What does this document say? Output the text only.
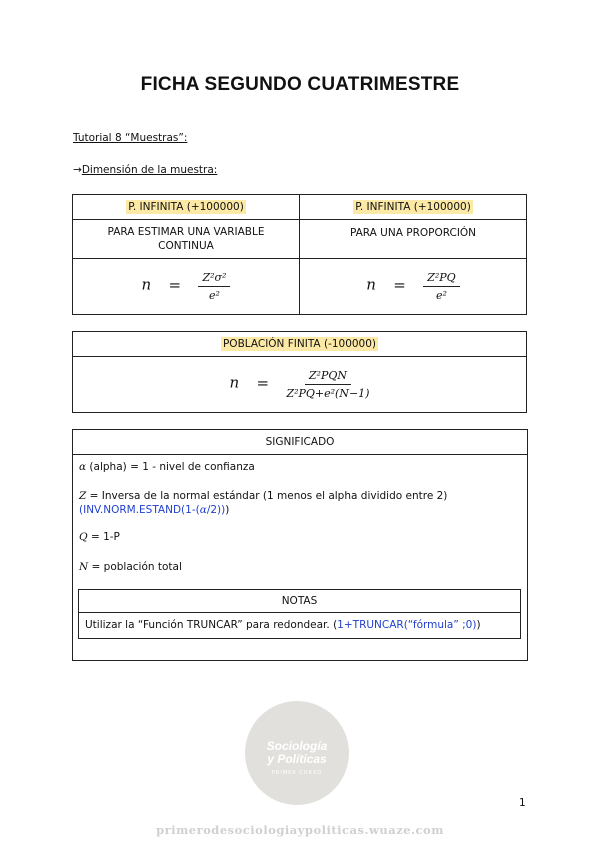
FICHA SEGUNDO CUATRIMESTRE
Tutorial 8 “Muestras”:
→Dimensión de la muestra:
P. INFINITA (+100000)	P. INFINITA (+100000)

PARA ESTIMAR UNA VARIABLE CONTINUA	PARA UNA PROPORCIÓN
$n = \frac{\text{Z²σ²}}{\text{e²}}$	$n = \frac{\text{Z²PQ}}{\text{e²}}$
POBLACIÓN FINITA (-100000)
$n = \frac{\text{Z²PQN}}{\text{Z²PQ+e²(N−1)}}$
SIGNIFICADO
α (alpha) = 1 - nivel de confianza
Z = Inversa de la normal estándar (1 menos el alpha dividido entre 2)
(INV.NORM.ESTAND(1-(α/2)))
Q = 1-P
N = población total
NOTAS
Utilizar la “Función TRUNCAR” para redondear. (1+TRUNCAR(“fórmula” ;0))
Sociología
y Políticas
PRIMER CURSO
1
primerodesociologiaypoliticas.wuaze.com
